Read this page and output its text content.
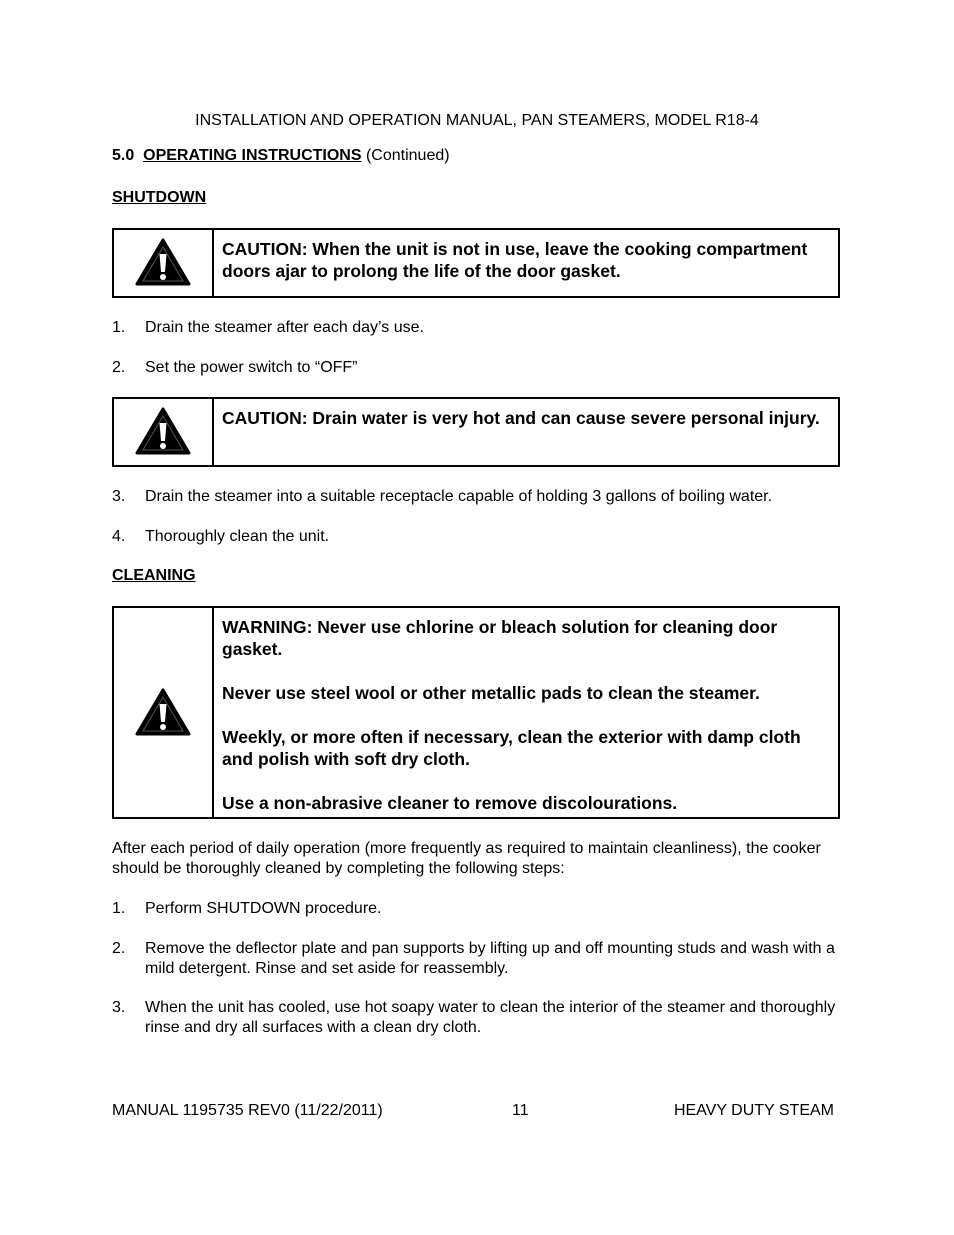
INSTALLATION AND OPERATION MANUAL, PAN STEAMERS, MODEL R18-4
5.0 OPERATING INSTRUCTIONS (Continued)
SHUTDOWN

CAUTION: When the unit is not in use, leave the cooking compartment doors ajar to prolong the life of the door gasket.

1. Drain the steamer after each day’s use.
2. Set the power switch to “OFF”

CAUTION: Drain water is very hot and can cause severe personal injury.

3. Drain the steamer into a suitable receptacle capable of holding 3 gallons of boiling water.
4. Thoroughly clean the unit.
CLEANING

WARNING: Never use chlorine or bleach solution for cleaning door gasket.

Never use steel wool or other metallic pads to clean the steamer.

Weekly, or more often if necessary, clean the exterior with damp cloth and polish with soft dry cloth.

Use a non-abrasive cleaner to remove discolourations.

After each period of daily operation (more frequently as required to maintain cleanliness), the cooker should be thoroughly cleaned by completing the following steps:
1. Perform SHUTDOWN procedure.
2. Remove the deflector plate and pan supports by lifting up and off mounting studs and wash with a mild detergent. Rinse and set aside for reassembly.
3. When the unit has cooled, use hot soapy water to clean the interior of the steamer and thoroughly rinse and dry all surfaces with a clean dry cloth.
MANUAL 1195735 REV0 (11/22/2011)	11	HEAVY DUTY STEAM
